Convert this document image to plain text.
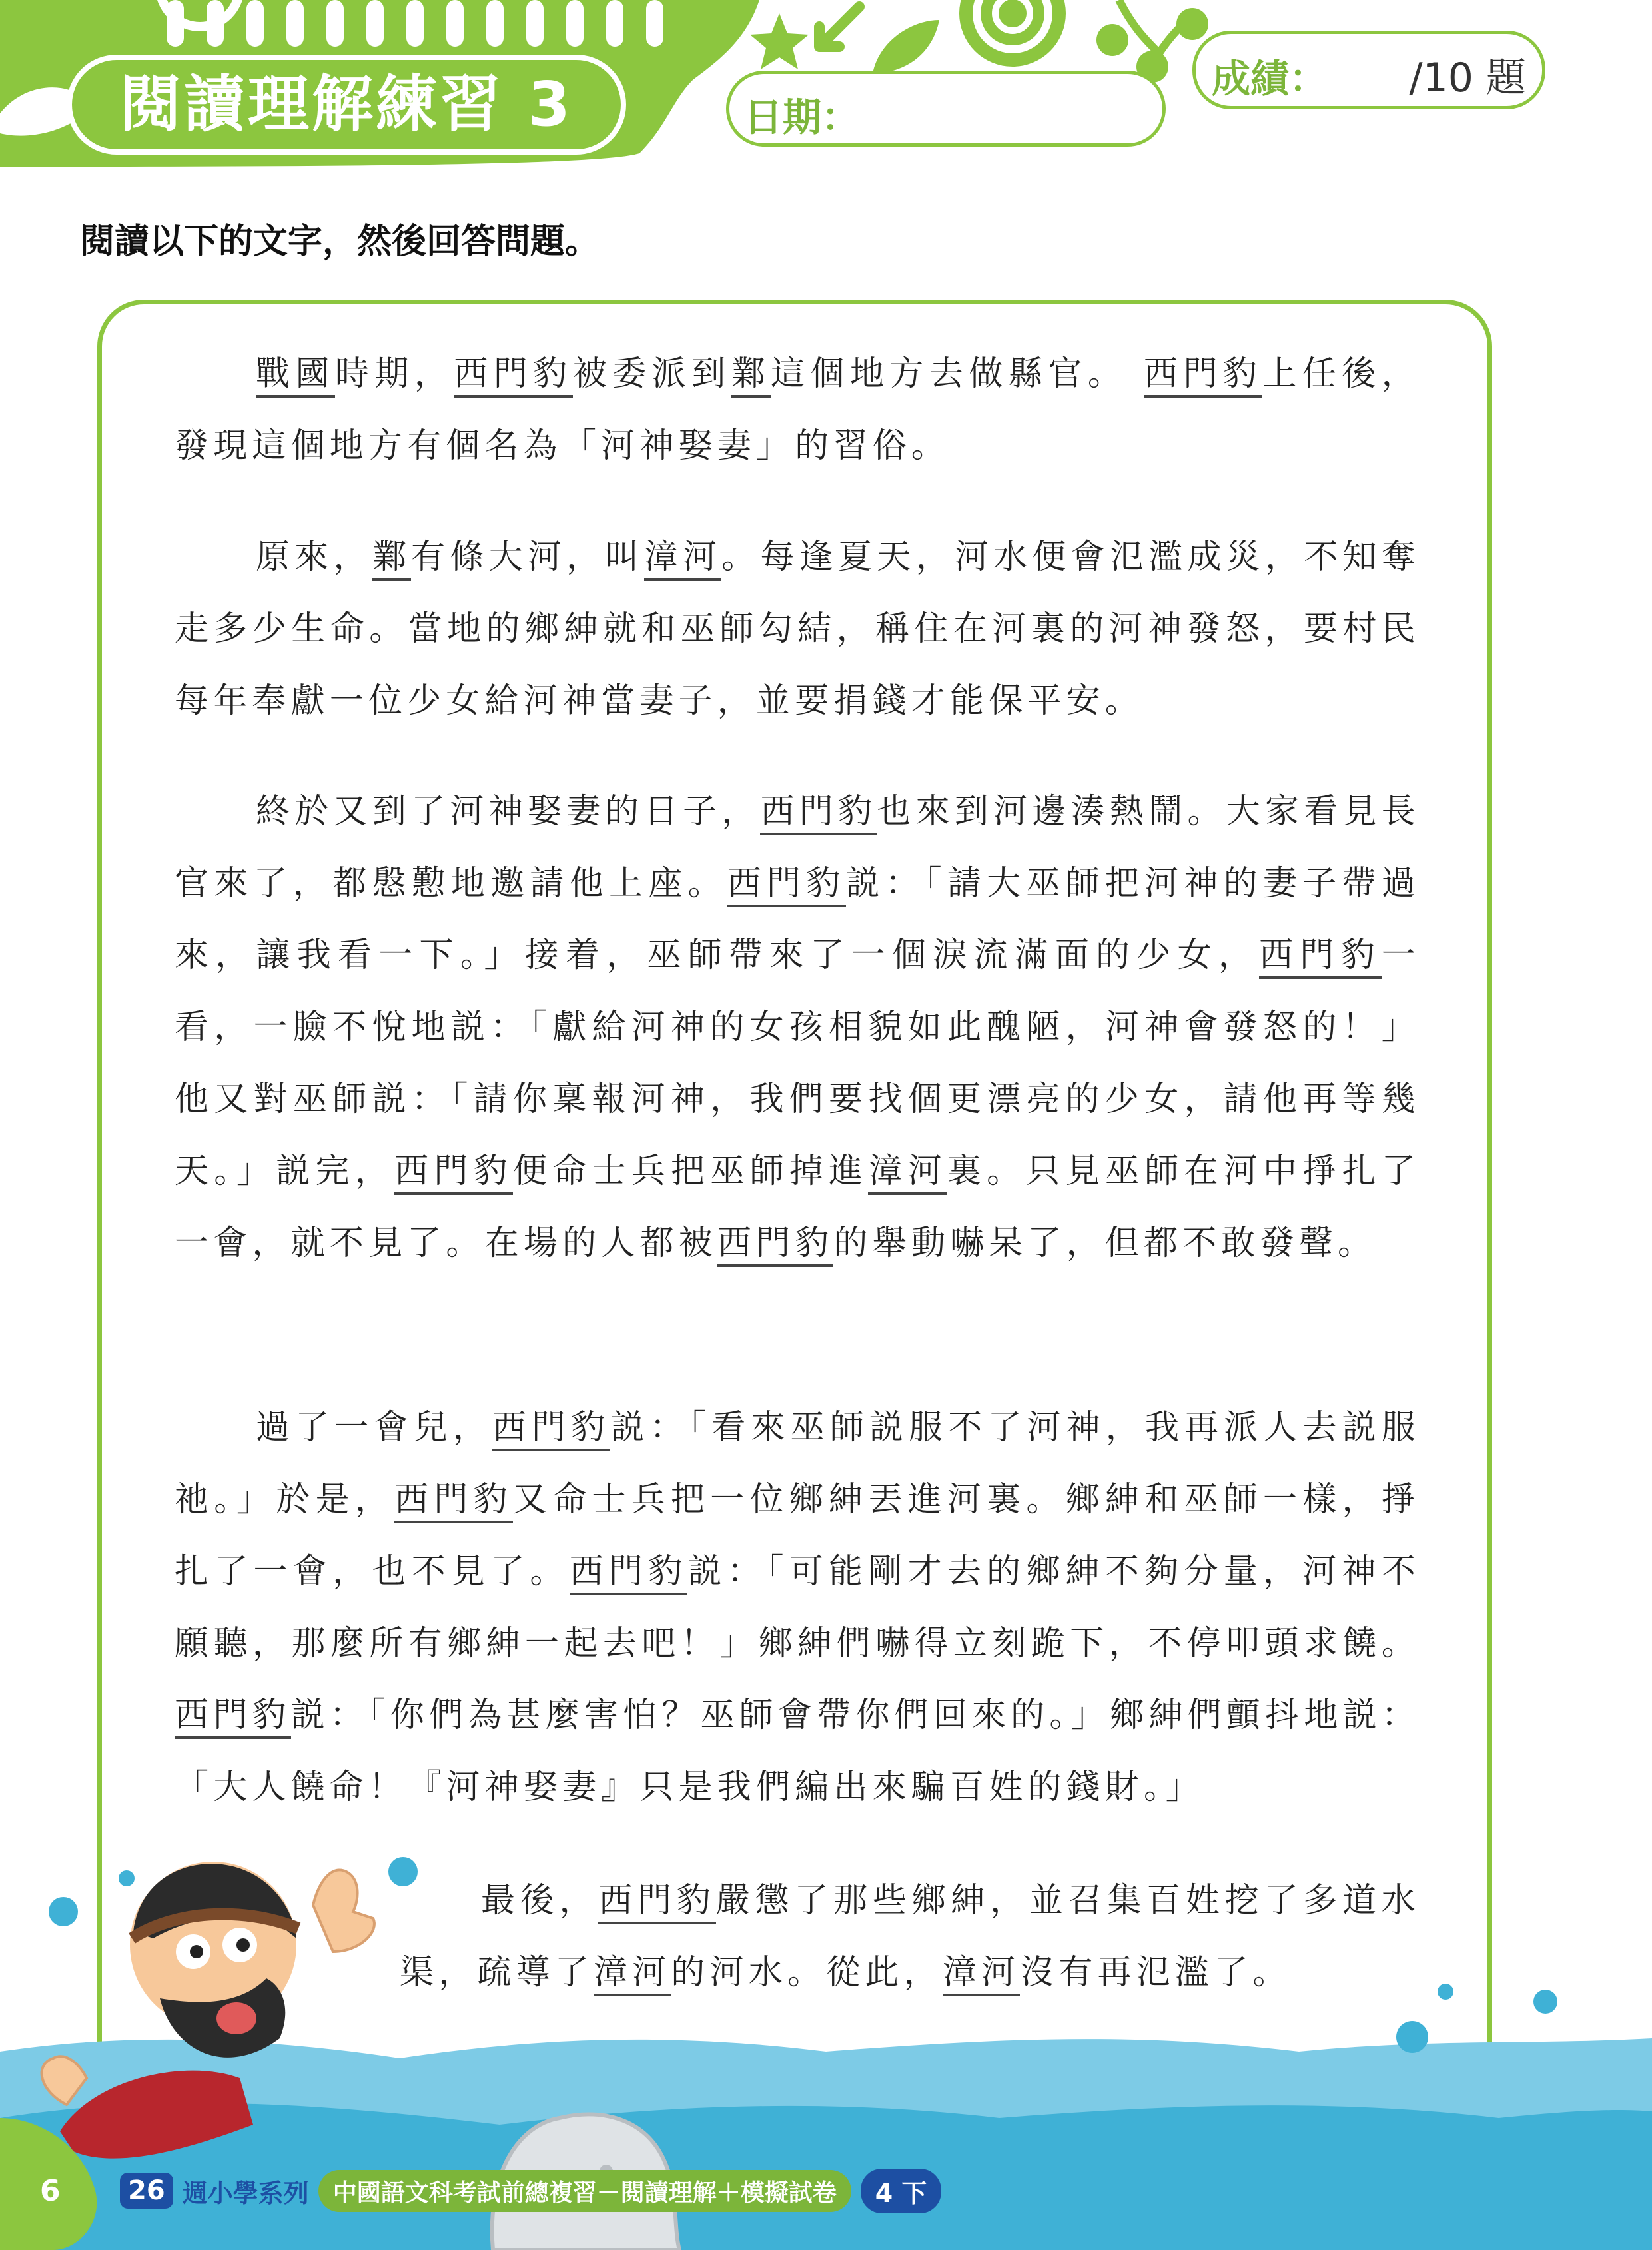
閱讀理解練習 3	日期：
成績： /10 題
閱讀以下的文字，然後回答問題。

戰國時期，西門豹被委派到鄴這個地方去做縣官。 西門豹上任後，發現這個地方有個名為「河神娶妻」的習俗。

原來，鄴有條大河，叫漳河。每逢夏天，河水便會氾濫成災，不知奪走多少生命。當地的鄉紳就和巫師勾結，稱住在河裏的河神發怒，要村民每年奉獻一位少女給河神當妻子，並要捐錢才能保平安。

終於又到了河神娶妻的日子，西門豹也來到河邊湊熱鬧。大家看見長官來了，都慇懃地邀請他上座。西門豹説：「請大巫師把河神的妻子帶過來，讓我看一下。」接着，巫師帶來了一個淚流滿面的少女，西門豹一看，一臉不悅地説：「獻給河神的女孩相貌如此醜陋，河神會發怒的！」他又對巫師説：「請你稟報河神，我們要找個更漂亮的少女，請他再等幾天。」説完，西門豹便命士兵把巫師掉進漳河裏。只見巫師在河中掙扎了一會，就不見了。在場的人都被西門豹的舉動嚇呆了，但都不敢發聲。

過了一會兒，西門豹説：「看來巫師説服不了河神，我再派人去説服祂。」於是，西門豹又命士兵把一位鄉紳丟進河裏。鄉紳和巫師一樣，掙扎了一會，也不見了。西門豹説：「可能剛才去的鄉紳不夠分量，河神不願聽，那麼所有鄉紳一起去吧！」鄉紳們嚇得立刻跪下，不停叩頭求饒。西門豹説：「你們為甚麼害怕？巫師會帶你們回來的。」鄉紳們顫抖地説：「大人饒命！『河神娶妻』只是我們編出來騙百姓的錢財。」

最後，西門豹嚴懲了那些鄉紳，並召集百姓挖了多道水渠，疏導了漳河的河水。從此，漳河沒有再氾濫了。

6	26 週小學系列	中國語文科考試前總複習－閱讀理解＋模擬試卷	4 下
